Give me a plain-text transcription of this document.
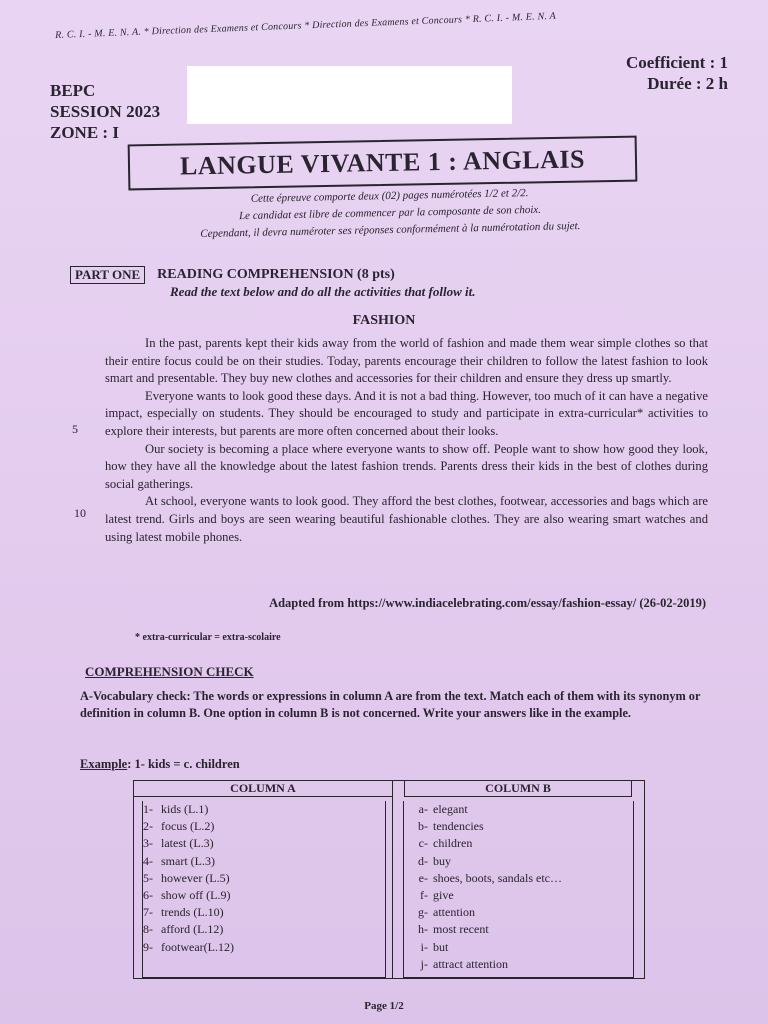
R. C. I. - M. E. N. A. * Direction des Examens et Concours * Direction des Examens et Concours * R. C. I. - M. E. N. A
BEPC
SESSION 2023
ZONE : I
Coefficient : 1
Durée : 2 h
LANGUE VIVANTE 1 : ANGLAIS
Cette épreuve comporte deux (02) pages numérotées 1/2 et 2/2.
Le candidat est libre de commencer par la composante de son choix.
Cependant, il devra numéroter ses réponses conformément à la numérotation du sujet.
PART ONE	READING COMPREHENSION (8 pts)
Read the text below and do all the activities that follow it.
FASHION

In the past, parents kept their kids away from the world of fashion and made them wear simple clothes so that their entire focus could be on their studies. Today, parents encourage their children to follow the latest fashion to look smart and presentable. They buy new clothes and accessories for their children and ensure they dress up smartly.

Everyone wants to look good these days. And it is not a bad thing. However, too much of it can have a negative impact, especially on students. They should be encouraged to study and participate in extra-curricular* activities to explore their interests, but parents are more often concerned about their looks.

Our society is becoming a place where everyone wants to show off. People want to show how good they look, how they have all the knowledge about the latest fashion trends. Parents dress their kids in the best of clothes during social gatherings.

At school, everyone wants to look good. They afford the best clothes, footwear, accessories and bags which are latest trend. Girls and boys are seen wearing beautiful fashionable clothes. They are also wearing smart watches and using latest mobile phones.

5
10
Adapted from https://www.indiacelebrating.com/essay/fashion-essay/ (26-02-2019)
* extra-curricular = extra-scolaire
COMPREHENSION CHECK
A-Vocabulary check: The words or expressions in column A are from the text. Match each of them with its synonym or definition in column B. One option in column B is not concerned. Write your answers like in the example.
Example: 1- kids = c. children
COLUMN A
1- kids (L.1)
2- focus (L.2)
3- latest (L.3)
4- smart (L.3)
5- however (L.5)
6- show off (L.9)
7- trends (L.10)
8- afford (L.12)
9- footwear(L.12)
COLUMN B
a- elegant
b- tendencies
c- children
d- buy
e- shoes, boots, sandals etc…
f- give
g- attention
h- most recent
i- but
j- attract attention
Page 1/2
